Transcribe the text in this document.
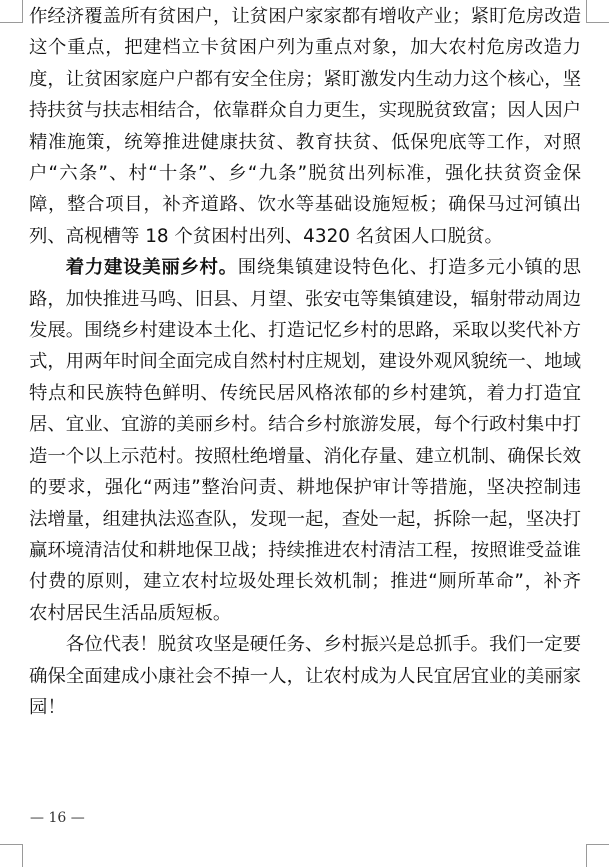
作经济覆盖所有贫困户，让贫困户家家都有增收产业；紧盯危房改造这个重点，把建档立卡贫困户列为重点对象，加大农村危房改造力度，让贫困家庭户户都有安全住房；紧盯激发内生动力这个核心，坚持扶贫与扶志相结合，依靠群众自力更生，实现脱贫致富；因人因户精准施策，统筹推进健康扶贫、教育扶贫、低保兜底等工作，对照户“六条”、村“十条”、乡“九条”脱贫出列标准，强化扶贫资金保障，整合项目，补齐道路、饮水等基础设施短板；确保马过河镇出列、高枧槽等 18 个贫困村出列、4320 名贫困人口脱贫。

着力建设美丽乡村。围绕集镇建设特色化、打造多元小镇的思路，加快推进马鸣、旧县、月望、张安屯等集镇建设，辐射带动周边发展。围绕乡村建设本土化、打造记忆乡村的思路，采取以奖代补方式，用两年时间全面完成自然村村庄规划，建设外观风貌统一、地域特点和民族特色鲜明、传统民居风格浓郁的乡村建筑，着力打造宜居、宜业、宜游的美丽乡村。结合乡村旅游发展，每个行政村集中打造一个以上示范村。按照杜绝增量、消化存量、建立机制、确保长效的要求，强化“两违”整治问责、耕地保护审计等措施，坚决控制违法增量，组建执法巡查队，发现一起，查处一起，拆除一起，坚决打赢环境清洁仗和耕地保卫战；持续推进农村清洁工程，按照谁受益谁付费的原则，建立农村垃圾处理长效机制；推进“厕所革命”，补齐农村居民生活品质短板。

各位代表！脱贫攻坚是硬任务、乡村振兴是总抓手。我们一定要确保全面建成小康社会不掉一人，让农村成为人民宜居宜业的美丽家园！

— 16 —
